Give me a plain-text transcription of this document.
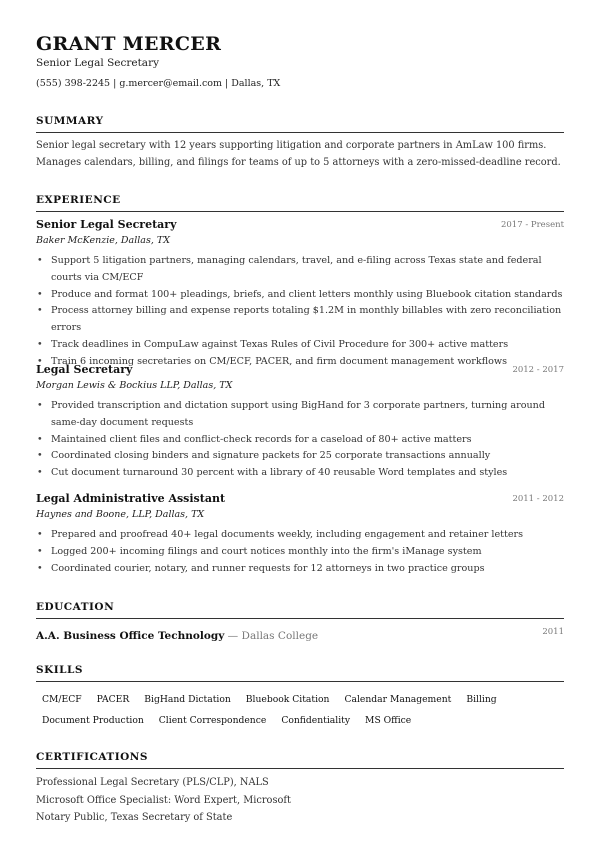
GRANT MERCER
Senior Legal Secretary
(555) 398-2245 | g.mercer@email.com | Dallas, TX
SUMMARY
Senior legal secretary with 12 years supporting litigation and corporate partners in AmLaw 100 firms. Manages calendars, billing, and filings for teams of up to 5 attorneys with a zero-missed-deadline record.
EXPERIENCE
Senior Legal Secretary	2017 - Present
Baker McKenzie, Dallas, TX
• Support 5 litigation partners, managing calendars, travel, and e-filing across Texas state and federal courts via CM/ECF
• Produce and format 100+ pleadings, briefs, and client letters monthly using Bluebook citation standards
• Process attorney billing and expense reports totaling $1.2M in monthly billables with zero reconciliation errors
• Track deadlines in CompuLaw against Texas Rules of Civil Procedure for 300+ active matters
• Train 6 incoming secretaries on CM/ECF, PACER, and firm document management workflows
Legal Secretary	2012 - 2017
Morgan Lewis & Bockius LLP, Dallas, TX
• Provided transcription and dictation support using BigHand for 3 corporate partners, turning around same-day document requests
• Maintained client files and conflict-check records for a caseload of 80+ active matters
• Coordinated closing binders and signature packets for 25 corporate transactions annually
• Cut document turnaround 30 percent with a library of 40 reusable Word templates and styles
Legal Administrative Assistant	2011 - 2012
Haynes and Boone, LLP, Dallas, TX
• Prepared and proofread 40+ legal documents weekly, including engagement and retainer letters
• Logged 200+ incoming filings and court notices monthly into the firm's iManage system
• Coordinated courier, notary, and runner requests for 12 attorneys in two practice groups
EDUCATION
A.A. Business Office Technology — Dallas College	2011
SKILLS
CM/ECF PACER BigHand Dictation Bluebook Citation Calendar Management Billing
Document Production Client Correspondence Confidentiality MS Office
CERTIFICATIONS
Professional Legal Secretary (PLS/CLP), NALS
Microsoft Office Specialist: Word Expert, Microsoft
Notary Public, Texas Secretary of State
